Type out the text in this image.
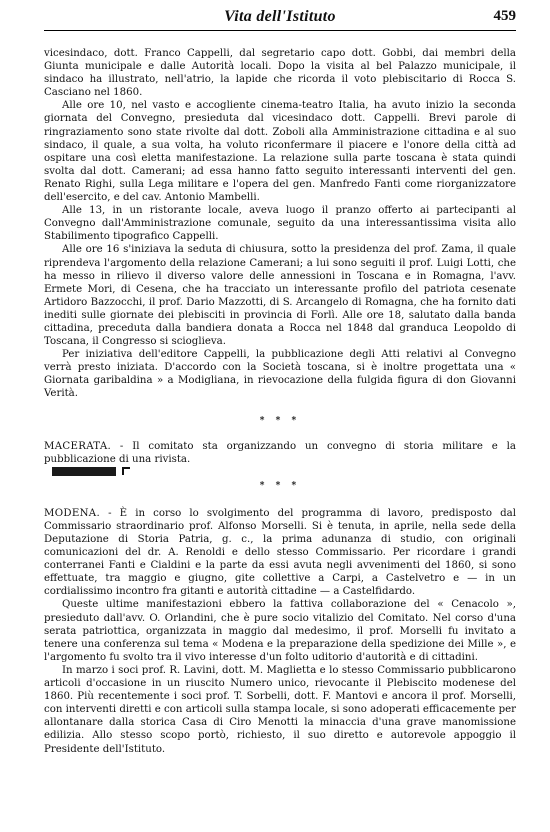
Vita dell'Istituto	459

vicesindaco, dott. Franco Cappelli, dal segretario capo dott. Gobbi, dai membri della Giunta municipale e dalle Autorità locali. Dopo la visita al bel Palazzo municipale, il sindaco ha illustrato, nell'atrio, la lapide che ricorda il voto plebiscitario di Rocca S. Casciano nel 1860.

Alle ore 10, nel vasto e accogliente cinema-teatro Italia, ha avuto inizio la seconda giornata del Convegno, presieduta dal vicesindaco dott. Cappelli. Brevi parole di ringraziamento sono state rivolte dal dott. Zoboli alla Amministrazione cittadina e al suo sindaco, il quale, a sua volta, ha voluto riconfermare il piacere e l'onore della città ad ospitare una così eletta manifestazione. La relazione sulla parte toscana è stata quindi svolta dal dott. Camerani; ad essa hanno fatto seguito interessanti interventi del gen. Renato Righi, sulla Lega militare e l'opera del gen. Manfredo Fanti come riorganizzatore dell'esercito, e del cav. Antonio Mambelli.

Alle 13, in un ristorante locale, aveva luogo il pranzo offerto ai partecipanti al Convegno dall'Amministrazione comunale, seguito da una interessantissima visita allo Stabilimento tipografico Cappelli.

Alle ore 16 s'iniziava la seduta di chiusura, sotto la presidenza del prof. Zama, il quale riprendeva l'argomento della relazione Camerani; a lui sono seguiti il prof. Luigi Lotti, che ha messo in rilievo il diverso valore delle annessioni in Toscana e in Romagna, l'avv. Ermete Mori, di Cesena, che ha tracciato un interessante profilo del patriota cesenate Artidoro Bazzocchi, il prof. Dario Mazzotti, di S. Arcangelo di Romagna, che ha fornito dati inediti sulle giornate dei plebisciti in provincia di Forlì. Alle ore 18, salutato dalla banda cittadina, preceduta dalla bandiera donata a Rocca nel 1848 dal granduca Leopoldo di Toscana, il Congresso si scioglieva.

Per iniziativa dell'editore Cappelli, la pubblicazione degli Atti relativi al Convegno verrà presto iniziata. D'accordo con la Società toscana, si è inoltre progettata una « Giornata garibaldina » a Modigliana, in rievocazione della fulgida figura di don Giovanni Verità.

* * *

MACERATA. - Il comitato sta organizzando un convegno di storia militare e la pubblicazione di una rivista.

* * *

MODENA. - È in corso lo svolgimento del programma di lavoro, predisposto dal Commissario straordinario prof. Alfonso Morselli. Si è tenuta, in aprile, nella sede della Deputazione di Storia Patria, g. c., la prima adunanza di studio, con originali comunicazioni del dr. A. Renoldi e dello stesso Commissario. Per ricordare i grandi conterranei Fanti e Cialdini e la parte da essi avuta negli avvenimenti del 1860, si sono effettuate, tra maggio e giugno, gite collettive a Carpi, a Castelvetro e — in un cordialissimo incontro fra gitanti e autorità cittadine — a Castelfidardo.

Queste ultime manifestazioni ebbero la fattiva collaborazione del « Cenacolo », presieduto dall'avv. O. Orlandini, che è pure socio vitalizio del Comitato. Nel corso d'una serata patriottica, organizzata in maggio dal medesimo, il prof. Morselli fu invitato a tenere una conferenza sul tema « Modena e la preparazione della spedizione dei Mille », e l'argomento fu svolto tra il vivo interesse d'un folto uditorio d'autorità e di cittadini.

In marzo i soci prof. R. Lavini, dott. M. Maglietta e lo stesso Commissario pubblicarono articoli d'occasione in un riuscito Numero unico, rievocante il Plebiscito modenese del 1860. Più recentemente i soci prof. T. Sorbelli, dott. F. Mantovi e ancora il prof. Morselli, con interventi diretti e con articoli sulla stampa locale, si sono adoperati efficacemente per allontanare dalla storica Casa di Ciro Menotti la minaccia d'una grave manomissione edilizia. Allo stesso scopo portò, richiesto, il suo diretto e autorevole appoggio il Presidente dell'Istituto.
